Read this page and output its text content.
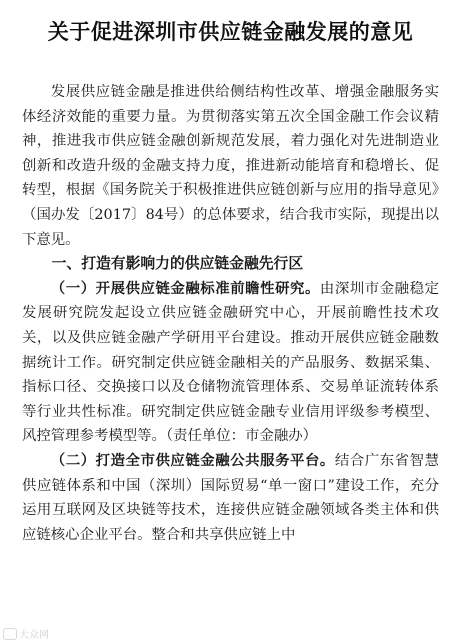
关于促进深圳市供应链金融发展的意见

发展供应链金融是推进供给侧结构性改革、增强金融服务实体经济效能的重要力量。为贯彻落实第五次全国金融工作会议精神，推进我市供应链金融创新规范发展，着力强化对先进制造业创新和改造升级的金融支持力度，推进新动能培育和稳增长、促转型，根据《国务院关于积极推进供应链创新与应用的指导意见》（国办发〔2017〕84号）的总体要求，结合我市实际，现提出以下意见。

一、打造有影响力的供应链金融先行区

（一）开展供应链金融标准前瞻性研究。由深圳市金融稳定发展研究院发起设立供应链金融研究中心，开展前瞻性技术攻关，以及供应链金融产学研用平台建设。推动开展供应链金融数据统计工作。研究制定供应链金融相关的产品服务、数据采集、指标口径、交换接口以及仓储物流管理体系、交易单证流转体系等行业共性标准。研究制定供应链金融专业信用评级参考模型、风控管理参考模型等。（责任单位：市金融办）

（二）打造全市供应链金融公共服务平台。结合广东省智慧供应链体系和中国（深圳）国际贸易“单一窗口”建设工作，充分运用互联网及区块链等技术，连接供应链金融领域各类主体和供应链核心企业平台。整合和共享供应链上中

大众网
